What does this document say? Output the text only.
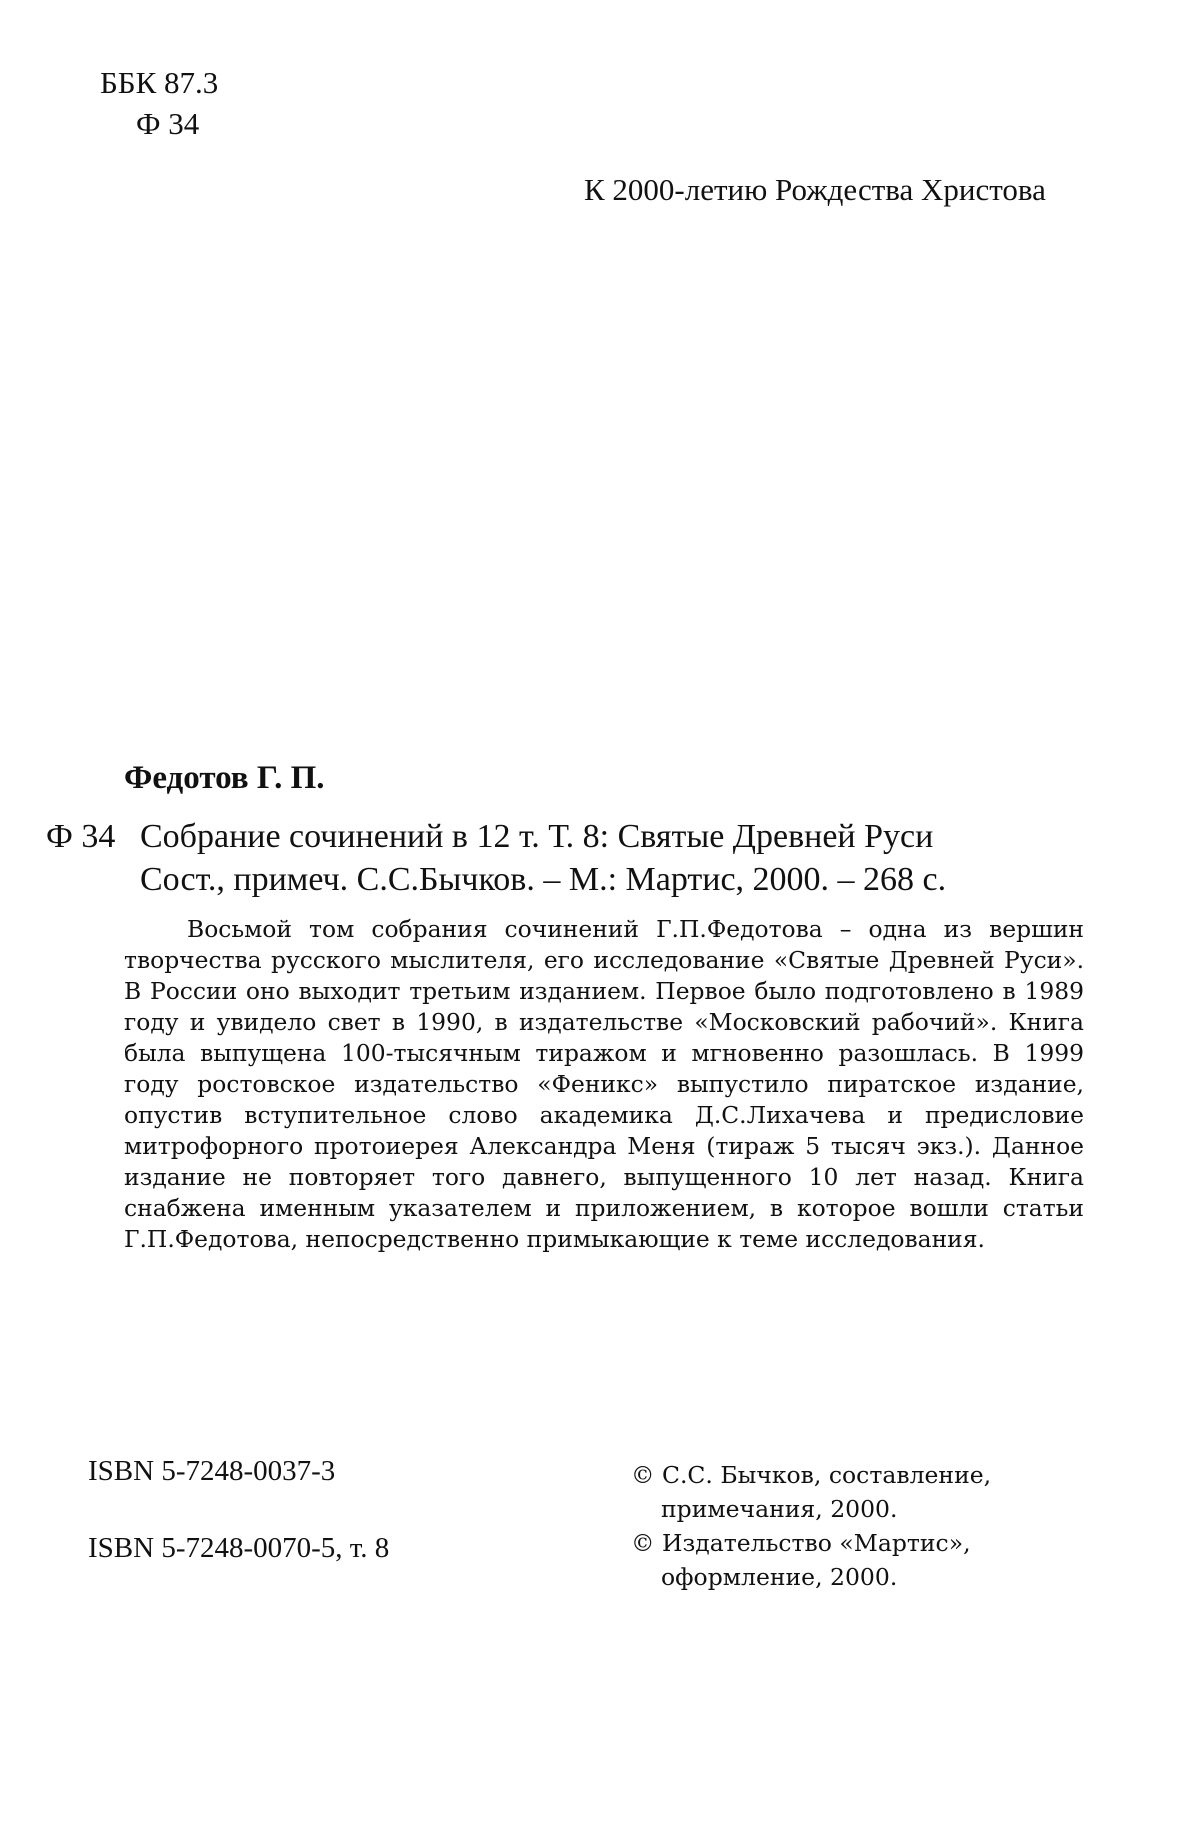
ББК 87.3
Ф 34
К 2000-летию Рождества Христова
Федотов Г. П.
Ф 34 Собрание сочинений в 12 т. Т. 8: Святые Древней Руси
Сост., примеч. С.С.Бычков. – М.: Мартис, 2000. – 268 с.
Восьмой том собрания сочинений Г.П.Федотова – одна из вершин творчества русского мыслителя, его исследование «Святые Древней Руси». В России оно выходит третьим изданием. Первое было подготовлено в 1989 году и увидело свет в 1990, в издательстве «Московский рабочий». Книга была выпущена 100-тысячным тиражом и мгновенно разошлась. В 1999 году ростовское издательство «Феникс» выпустило пиратское издание, опустив вступительное слово академика Д.С.Лихачева и предисловие митрофорного протоиерея Александра Меня (тираж 5 тысяч экз.). Данное издание не повторяет того давнего, выпущенного 10 лет назад. Книга снабжена именным указателем и приложением, в которое вошли статьи Г.П.Федотова, непосредственно примыкающие к теме исследования.
ISBN 5-7248-0037-3
ISBN 5-7248-0070-5, т. 8
© С.С. Бычков, составление,
примечания, 2000.
© Издательство «Мартис»,
оформление, 2000.
